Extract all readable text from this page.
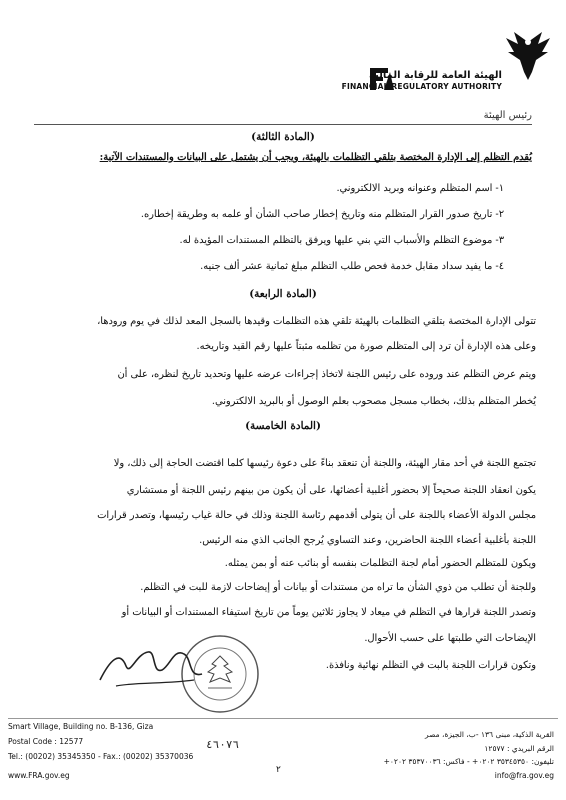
الهيئة العامة للرقابة المالية
FINANCIAL REGULATORY AUTHORITY
رئيس الهيئة
(المادة الثالثة)
يُقدم التظلم إلى الإدارة المختصة بتلقي التظلمات بالهيئة، ويجب أن يشتمل على البيانات والمستندات الآتية:
١- اسم المتظلم وعنوانه وبريد الالكتروني.
٢- تاريخ صدور القرار المتظلم منه وتاريخ إخطار صاحب الشأن أو علمه به وطريقة إخطاره.
٣- موضوع التظلم والأسباب التي بني عليها ويرفق بالتظلم المستندات المؤيدة له.
٤- ما يفيد سداد مقابل خدمة فحص طلب التظلم مبلغ ثمانية عشر ألف جنيه.
(المادة الرابعة)
تتولى الإدارة المختصة بتلقي التظلمات بالهيئة تلقي هذه التظلمات وقيدها بالسجل المعد لذلك في يوم ورودها،
وعلى هذه الإدارة أن ترد إلى المتظلم صورة من تظلمه مثبتاً عليها رقم القيد وتاريخه.
ويتم عرض التظلم عند وروده على رئيس اللجنة لاتخاذ إجراءات عرضه عليها وتحديد تاريخ لنظره، على أن
يُخطر المتظلم بذلك، بخطاب مسجل مصحوب بعلم الوصول أو بالبريد الالكتروني.
(المادة الخامسة)
تجتمع اللجنة في أحد مقار الهيئة، واللجنة أن تنعقد بناءً على دعوة رئيسها كلما اقتضت الحاجة إلى ذلك، ولا
يكون انعقاد اللجنة صحيحاً إلا بحضور أغلبية أعضائها، على أن يكون من بينهم رئيس اللجنة أو مستشاري
مجلس الدولة الأعضاء باللجنة على أن يتولى أقدمهم رئاسة اللجنة وذلك في حالة غياب رئيسها، وتصدر قرارات
اللجنة بأغلبية أعضاء اللجنة الحاضرين، وعند التساوي يُرجح الجانب الذي منه الرئيس.
ويكون للمتظلم الحضور أمام لجنة التظلمات بنفسه أو بنائب عنه أو بمن يمثله.
وللجنة أن تطلب من ذوي الشأن ما تراه من مستندات أو بيانات أو إيضاحات لازمة للبت في التظلم.
وتصدر اللجنة قرارها في التظلم في ميعاد لا يجاوز ثلاثين يوماً من تاريخ استيفاء المستندات أو البيانات أو
الإيضاحات التي طلبتها على حسب الأحوال.
وتكون قرارات اللجنة بالبت في التظلم نهائية ونافذة.
Smart Village, Building no. B-136, Giza
Postal Code : 12577
Tel.: (00202) 35345350 - Fax.: (00202) 35370036
www.FRA.gov.eg
٤٦٠٧٦
٢
القرية الذكية، مبنى ١٣٦ -ب، الجيزة، مصر
الرقم البريدي : ١٢٥٧٧
تليفون: ٣٥٣٤٥٣٥٠ ٠٢٠٢+ - فاكس: ٣٥٣٧٠٠٣٦ ٠٢٠٢+
info@fra.gov.eg
